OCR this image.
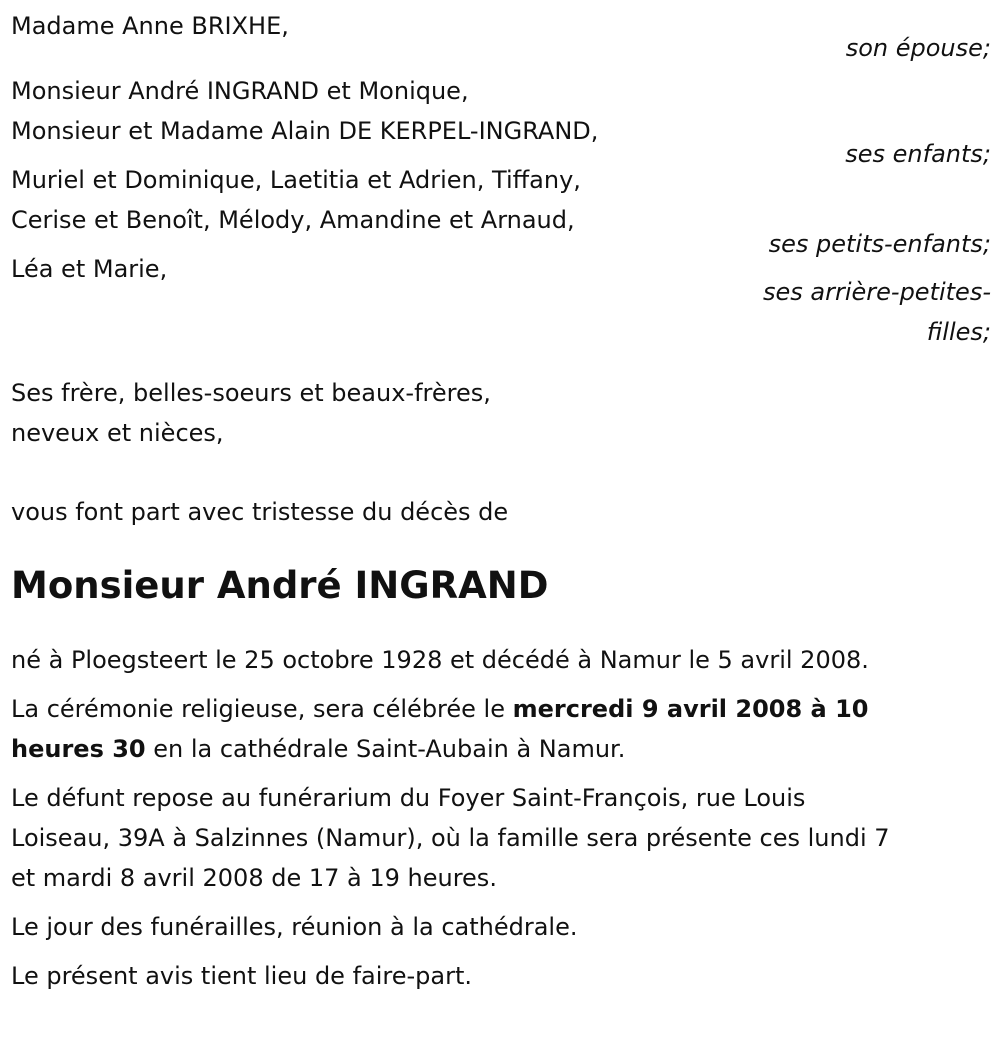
Madame Anne BRIXHE,
son épouse;
Monsieur André INGRAND et Monique,
Monsieur et Madame Alain DE KERPEL-INGRAND,
ses enfants;
Muriel et Dominique, Laetitia et Adrien, Tiffany,
Cerise et Benoît, Mélody, Amandine et Arnaud,
ses petits-enfants;
Léa et Marie,
ses arrière-petites-
filles;
Ses frère, belles-soeurs et beaux-frères,
neveux et nièces,
vous font part avec tristesse du décès de
Monsieur André INGRAND
né à Ploegsteert le 25 octobre 1928 et décédé à Namur le 5 avril 2008.
La cérémonie religieuse, sera célébrée le mercredi 9 avril 2008 à 10
heures 30 en la cathédrale Saint-Aubain à Namur.
Le défunt repose au funérarium du Foyer Saint-François, rue Louis
Loiseau, 39A à Salzinnes (Namur), où la famille sera présente ces lundi 7
et mardi 8 avril 2008 de 17 à 19 heures.
Le jour des funérailles, réunion à la cathédrale.
Le présent avis tient lieu de faire-part.
